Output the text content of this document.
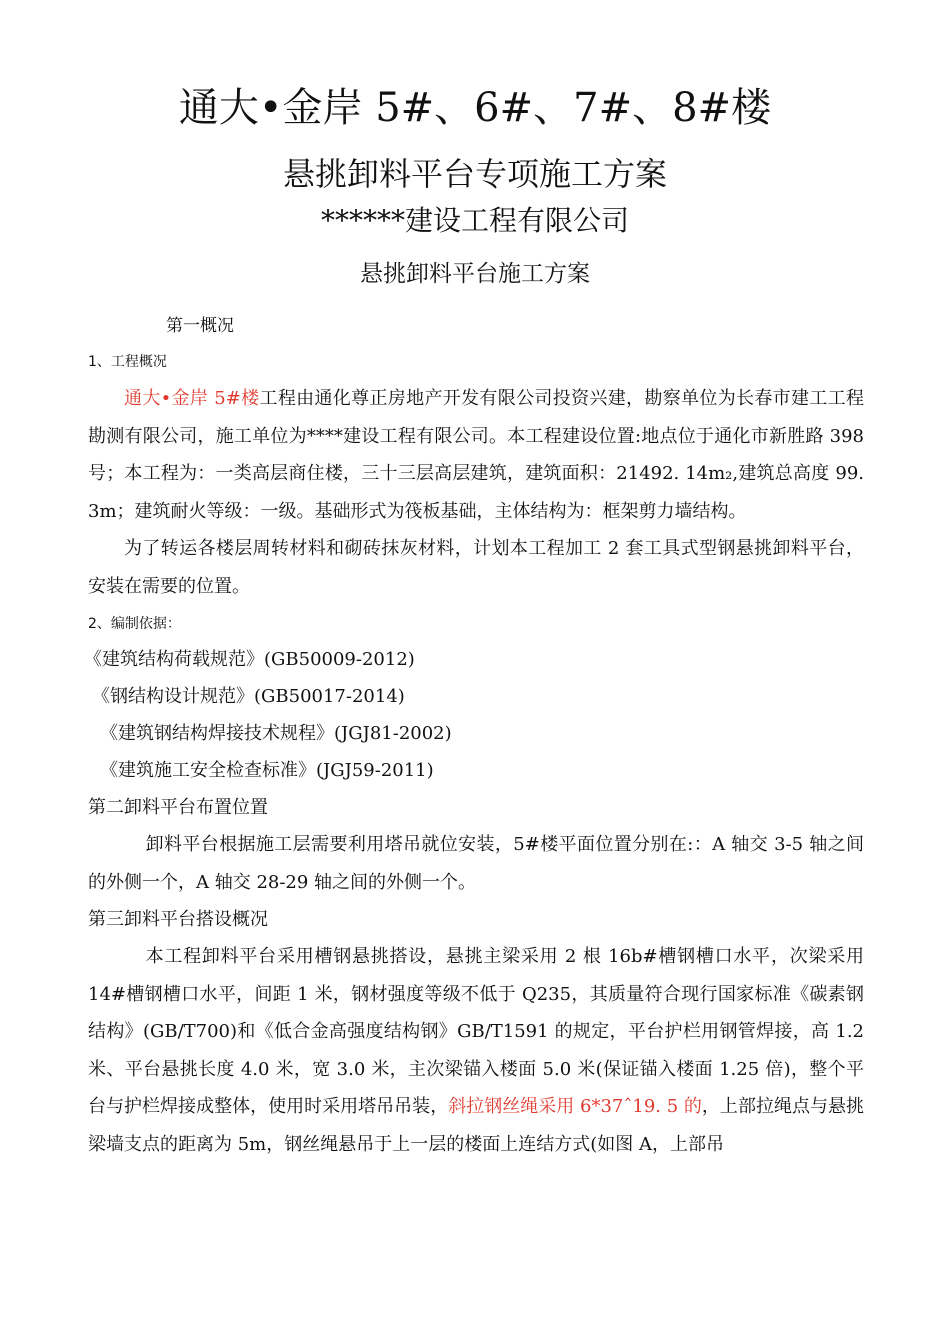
通大•金岸 5#、6#、7#、8#楼
悬挑卸料平台专项施工方案
******建设工程有限公司
悬挑卸料平台施工方案
第一概况
1、工程概况

通大•金岸 5#楼工程由通化尊正房地产开发有限公司投资兴建，勘察单位为长春市建工工程勘测有限公司，施工单位为****建设工程有限公司。本工程建设位置:地点位于通化市新胜路 398 号；本工程为：一类高层商住楼，三十三层高层建筑，建筑面积：21492. 14m₂,建筑总高度 99. 3m；建筑耐火等级：一级。基础形式为筏板基础，主体结构为：框架剪力墙结构。

为了转运各楼层周转材料和砌砖抹灰材料，计划本工程加工 2 套工具式型钢悬挑卸料平台，安装在需要的位置。

2、编制依据：

《建筑结构荷载规范》(GB50009-2012)

《钢结构设计规范》(GB50017-2014)

《建筑钢结构焊接技术规程》(JGJ81-2002)

《建筑施工安全检查标准》(JGJ59-2011)

第二卸料平台布置位置

卸料平台根据施工层需要利用塔吊就位安装，5#楼平面位置分别在:：A 轴交 3-5 轴之间的外侧一个，A 轴交 28-29 轴之间的外侧一个。

第三卸料平台搭设概况

本工程卸料平台采用槽钢悬挑搭设，悬挑主梁采用 2 根 16b#槽钢槽口水平，次梁采用 14#槽钢槽口水平，间距 1 米，钢材强度等级不低于 Q235，其质量符合现行国家标准《碳素钢结构》(GB/T700)和《低合金高强度结构钢》GB/T1591 的规定，平台护栏用钢管焊接，高 1.2 米、平台悬挑长度 4.0 米，宽 3.0 米，主次梁锚入楼面 5.0 米(保证锚入楼面 1.25 倍)，整个平台与护栏焊接成整体，使用时采用塔吊吊装，斜拉钢丝绳采用 6*37ˆ19. 5 的，上部拉绳点与悬挑梁墙支点的距离为 5m，钢丝绳悬吊于上一层的楼面上连结方式(如图 A，上部吊
